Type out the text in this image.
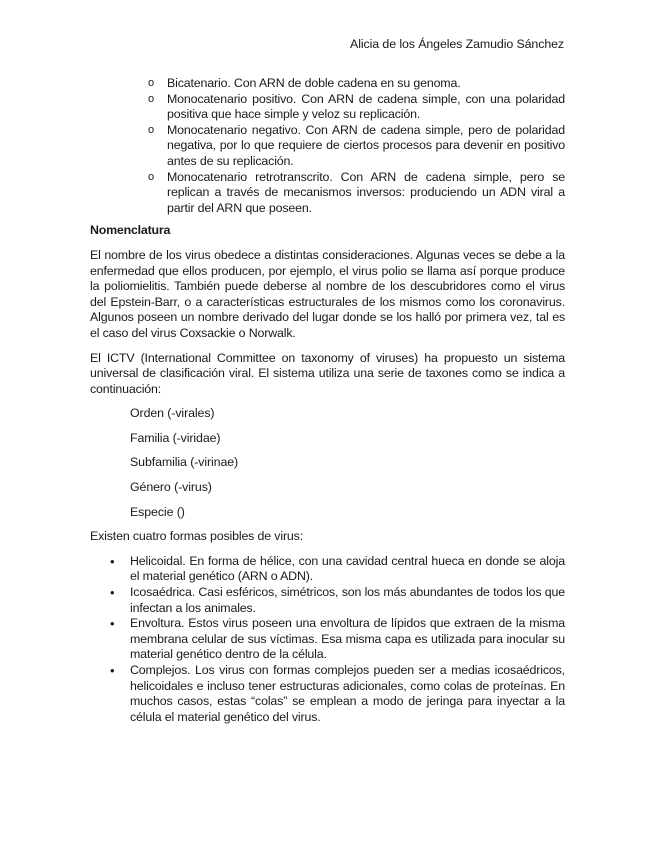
Alicia de los Ángeles Zamudio Sánchez
o Bicatenario. Con ARN de doble cadena en su genoma.
o Monocatenario positivo. Con ARN de cadena simple, con una polaridad positiva que hace simple y veloz su replicación.
o Monocatenario negativo. Con ARN de cadena simple, pero de polaridad negativa, por lo que requiere de ciertos procesos para devenir en positivo antes de su replicación.
o Monocatenario retrotranscrito. Con ARN de cadena simple, pero se replican a través de mecanismos inversos: produciendo un ADN viral a partir del ARN que poseen.
Nomenclatura

El nombre de los virus obedece a distintas consideraciones. Algunas veces se debe a la enfermedad que ellos producen, por ejemplo, el virus polio se llama así porque produce la poliomielitis. También puede deberse al nombre de los descubridores como el virus del Epstein-Barr, o a características estructurales de los mismos como los coronavirus. Algunos poseen un nombre derivado del lugar donde se los halló por primera vez, tal es el caso del virus Coxsackie o Norwalk.

El ICTV (International Committee on taxonomy of viruses) ha propuesto un sistema universal de clasificación viral. El sistema utiliza una serie de taxones como se indica a continuación:

Orden (-virales)
Familia (-viridae)
Subfamilia (-virinae)
Género (-virus)
Especie ()

Existen cuatro formas posibles de virus:

• Helicoidal. En forma de hélice, con una cavidad central hueca en donde se aloja el material genético (ARN o ADN).
• Icosaédrica. Casi esféricos, simétricos, son los más abundantes de todos los que infectan a los animales.
• Envoltura. Estos virus poseen una envoltura de lípidos que extraen de la misma membrana celular de sus víctimas. Esa misma capa es utilizada para inocular su material genético dentro de la célula.
• Complejos. Los virus con formas complejos pueden ser a medias icosaédricos, helicoidales e incluso tener estructuras adicionales, como colas de proteínas. En muchos casos, estas “colas” se emplean a modo de jeringa para inyectar a la célula el material genético del virus.
